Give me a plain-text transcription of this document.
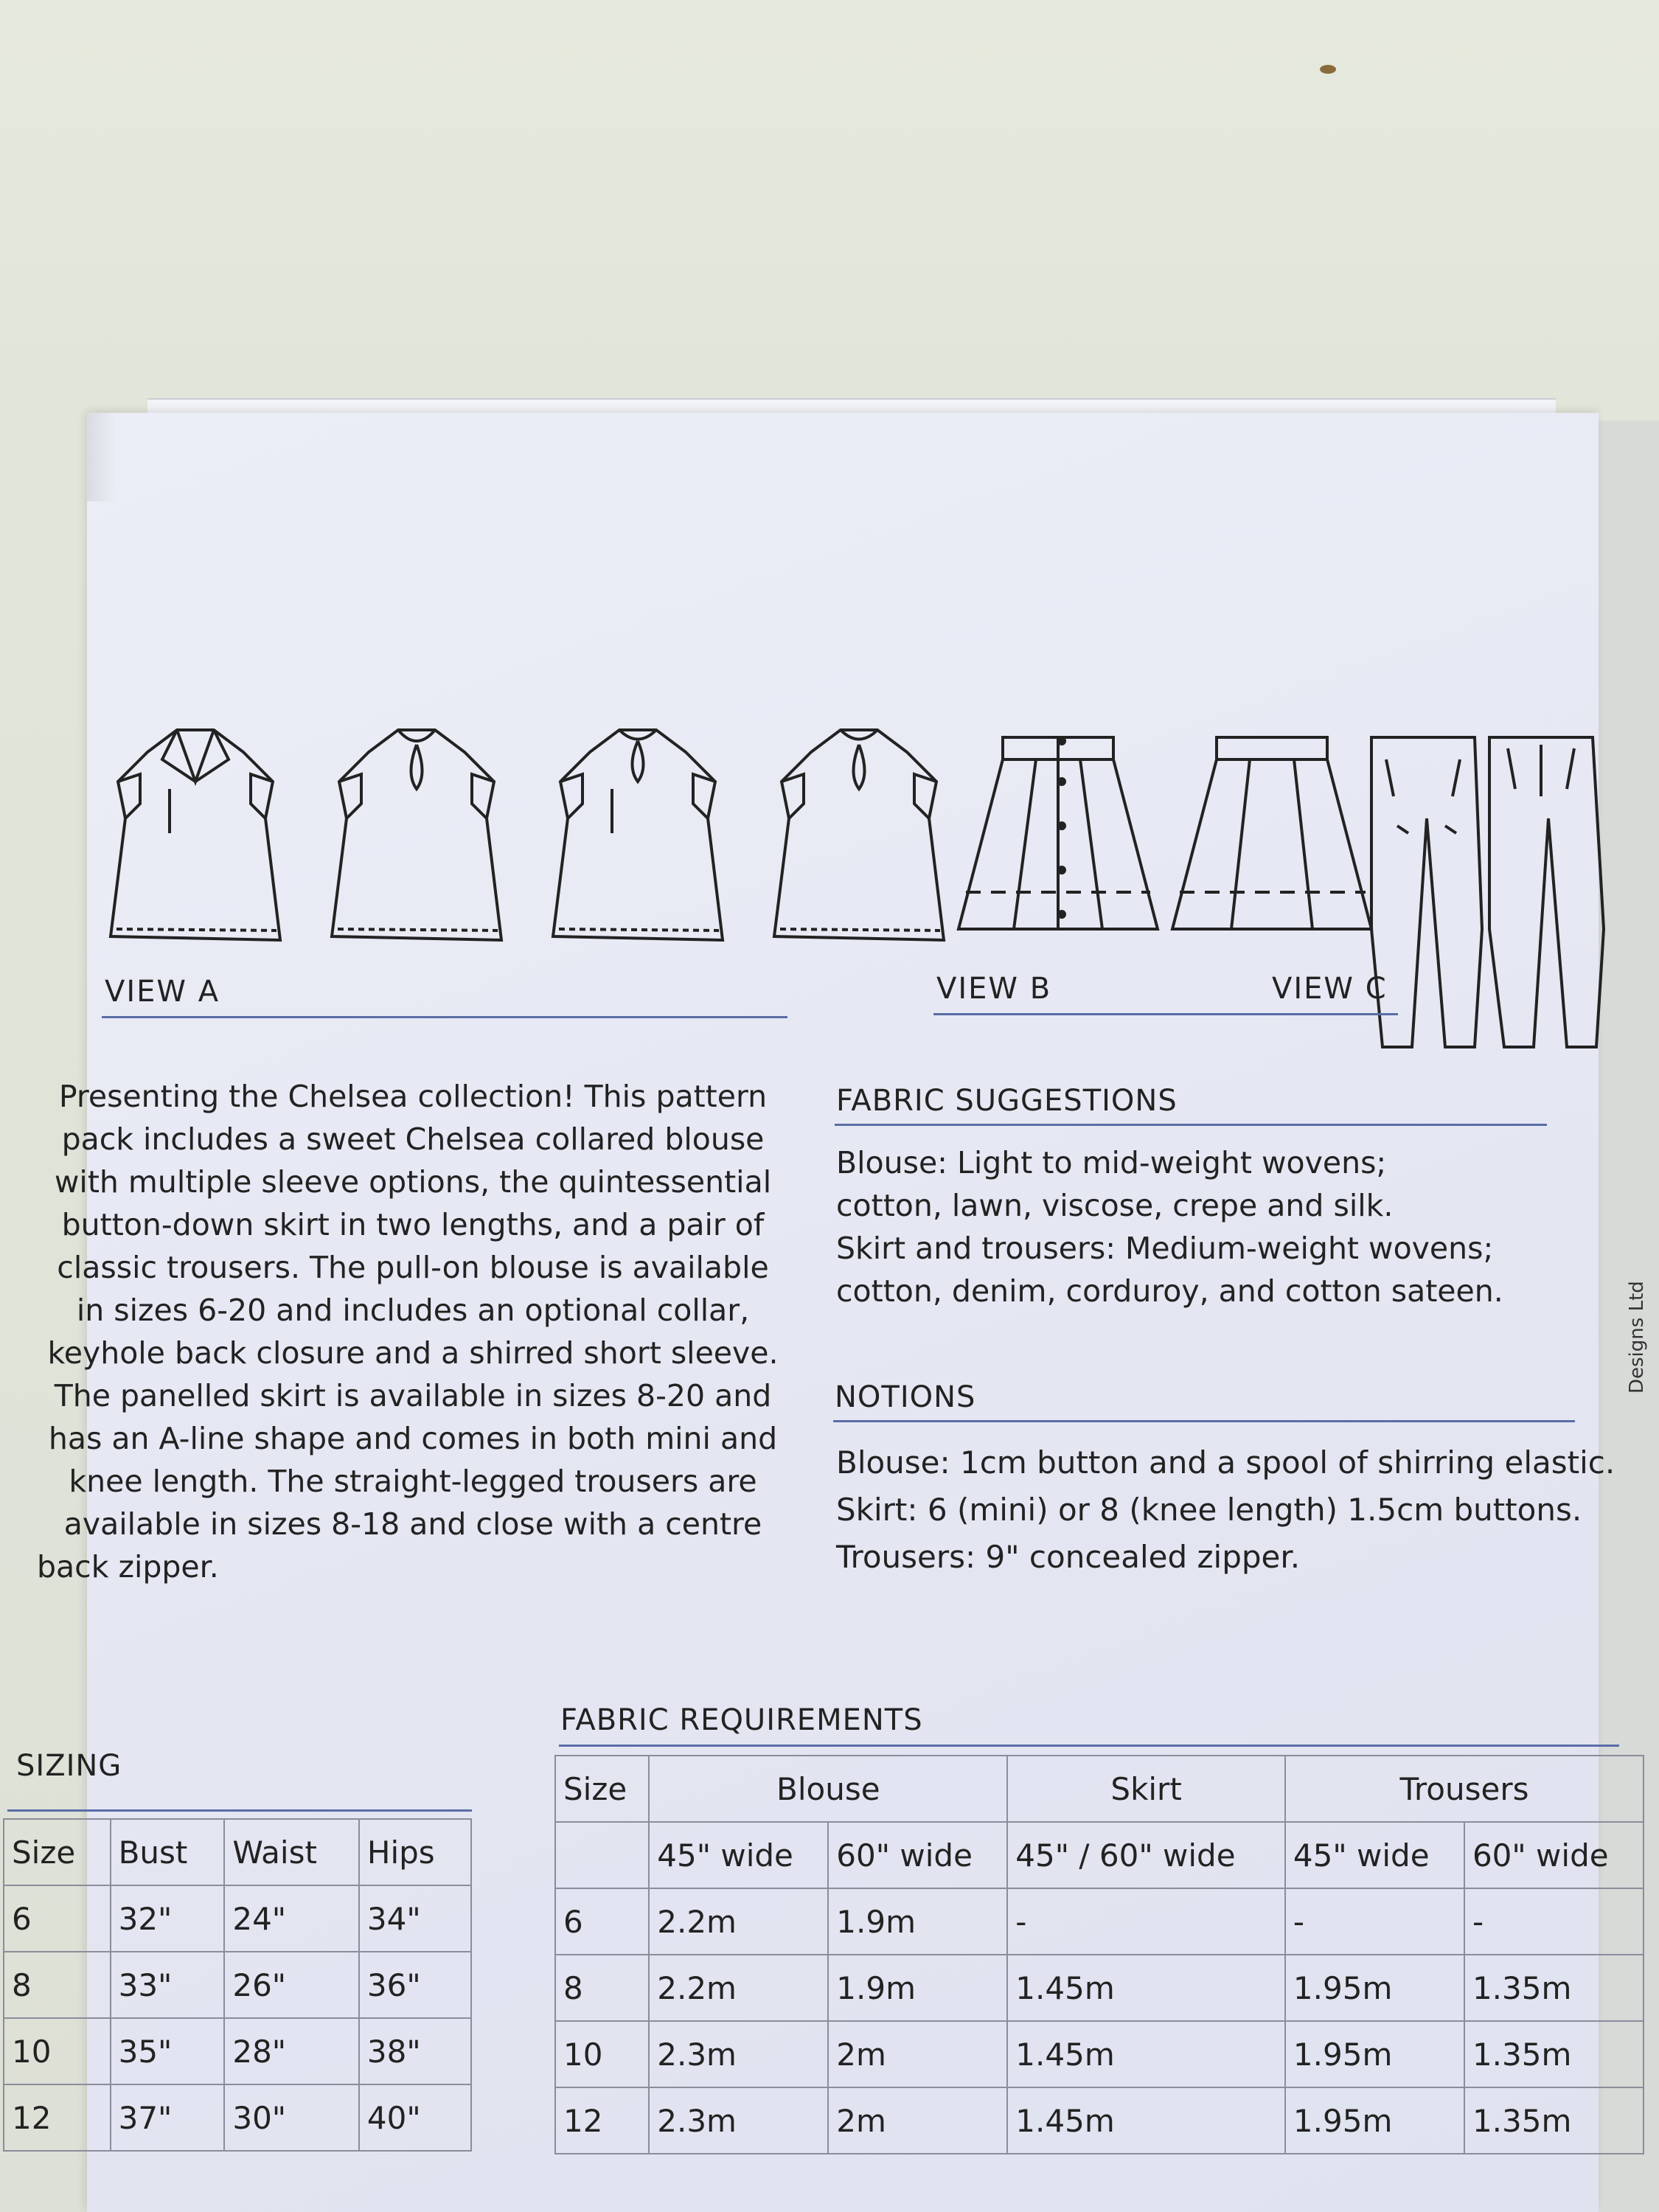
VIEW A	VIEW B	VIEW C

Presenting the Chelsea collection! This pattern

pack includes a sweet Chelsea collared blouse

with multiple sleeve options, the quintessential

button-down skirt in two lengths, and a pair of

classic trousers. The pull-on blouse is available

in sizes 6-20 and includes an optional collar,

keyhole back closure and a shirred short sleeve.

The panelled skirt is available in sizes 8-20 and

has an A-line shape and comes in both mini and

knee length. The straight-legged trousers are

available in sizes 8-18 and close with a centre

back zipper.

FABRIC SUGGESTIONS

Blouse: Light to mid-weight wovens;

cotton, lawn, viscose, crepe and silk.

Skirt and trousers: Medium-weight wovens;

cotton, denim, corduroy, and cotton sateen.

NOTIONS

Blouse: 1cm button and a spool of shirring elastic.

Skirt: 6 (mini) or 8 (knee length) 1.5cm buttons.

Trousers: 9" concealed zipper.

Designs Ltd
SIZING
Size	Bust	Waist	Hips
6	32"	24"	34"
8	33"	26"	36"
10	35"	28"	38"
12	37"	30"	40"
FABRIC REQUIREMENTS
Size	Blouse		Skirt	Trousers	
	45" wide	60" wide	45" / 60" wide	45" wide	60" wide
6	2.2m	1.9m	-	-	-
8	2.2m	1.9m	1.45m	1.95m	1.35m
10	2.3m	2m	1.45m	1.95m	1.35m
12	2.3m	2m	1.45m	1.95m	1.35m
